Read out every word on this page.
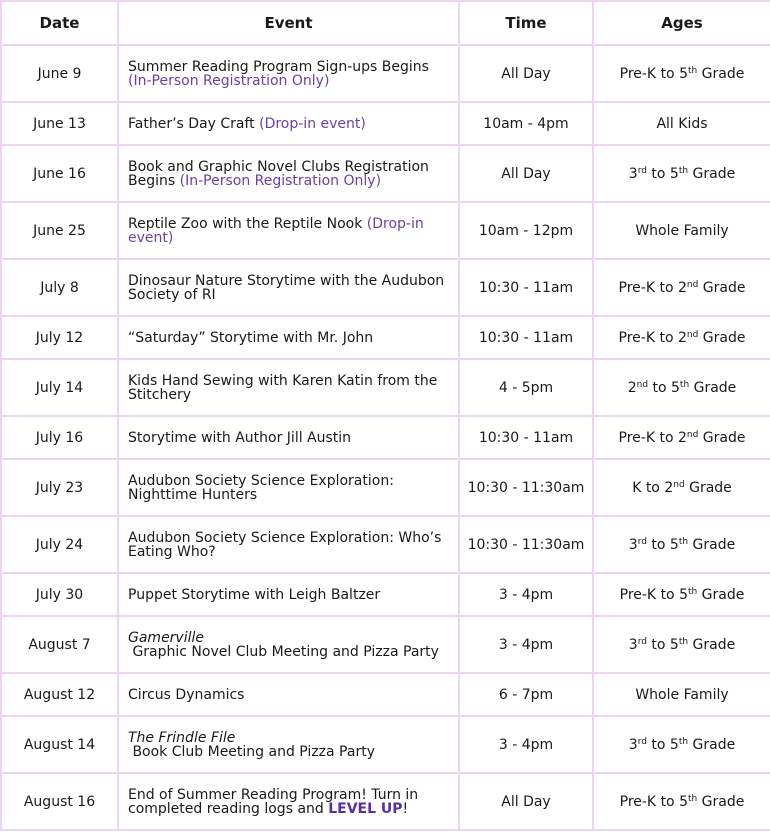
Date	Event	Time	Ages
June 9	Summer Reading Program Sign-ups Begins (In-Person Registration Only)	All Day	Pre-K to 5th Grade
June 13	Father’s Day Craft (Drop-in event)	10am - 4pm	All Kids
June 16	Book and Graphic Novel Clubs Registration Begins (In-Person Registration Only)	All Day	3rd to 5th Grade
June 25	Reptile Zoo with the Reptile Nook (Drop-in event)	10am - 12pm	Whole Family
July 8	Dinosaur Nature Storytime with the Audubon Society of RI	10:30 - 11am	Pre-K to 2nd Grade
July 12	“Saturday” Storytime with Mr. John	10:30 - 11am	Pre-K to 2nd Grade
July 14	Kids Hand Sewing with Karen Katin from the Stitchery	4 - 5pm	2nd to 5th Grade
July 16	Storytime with Author Jill Austin	10:30 - 11am	Pre-K to 2nd Grade
July 23	Audubon Society Science Exploration: Nighttime Hunters	10:30 - 11:30am	K to 2nd Grade
July 24	Audubon Society Science Exploration: Who’s Eating Who?	10:30 - 11:30am	3rd to 5th Grade
July 30	Puppet Storytime with Leigh Baltzer	3 - 4pm	Pre-K to 5th Grade
August 7	Gamerville Graphic Novel Club Meeting and Pizza Party	3 - 4pm	3rd to 5th Grade
August 12	Circus Dynamics	6 - 7pm	Whole Family
August 14	The Frindle File Book Club Meeting and Pizza Party	3 - 4pm	3rd to 5th Grade
August 16	End of Summer Reading Program! Turn in completed reading logs and LEVEL UP!	All Day	Pre-K to 5th Grade
